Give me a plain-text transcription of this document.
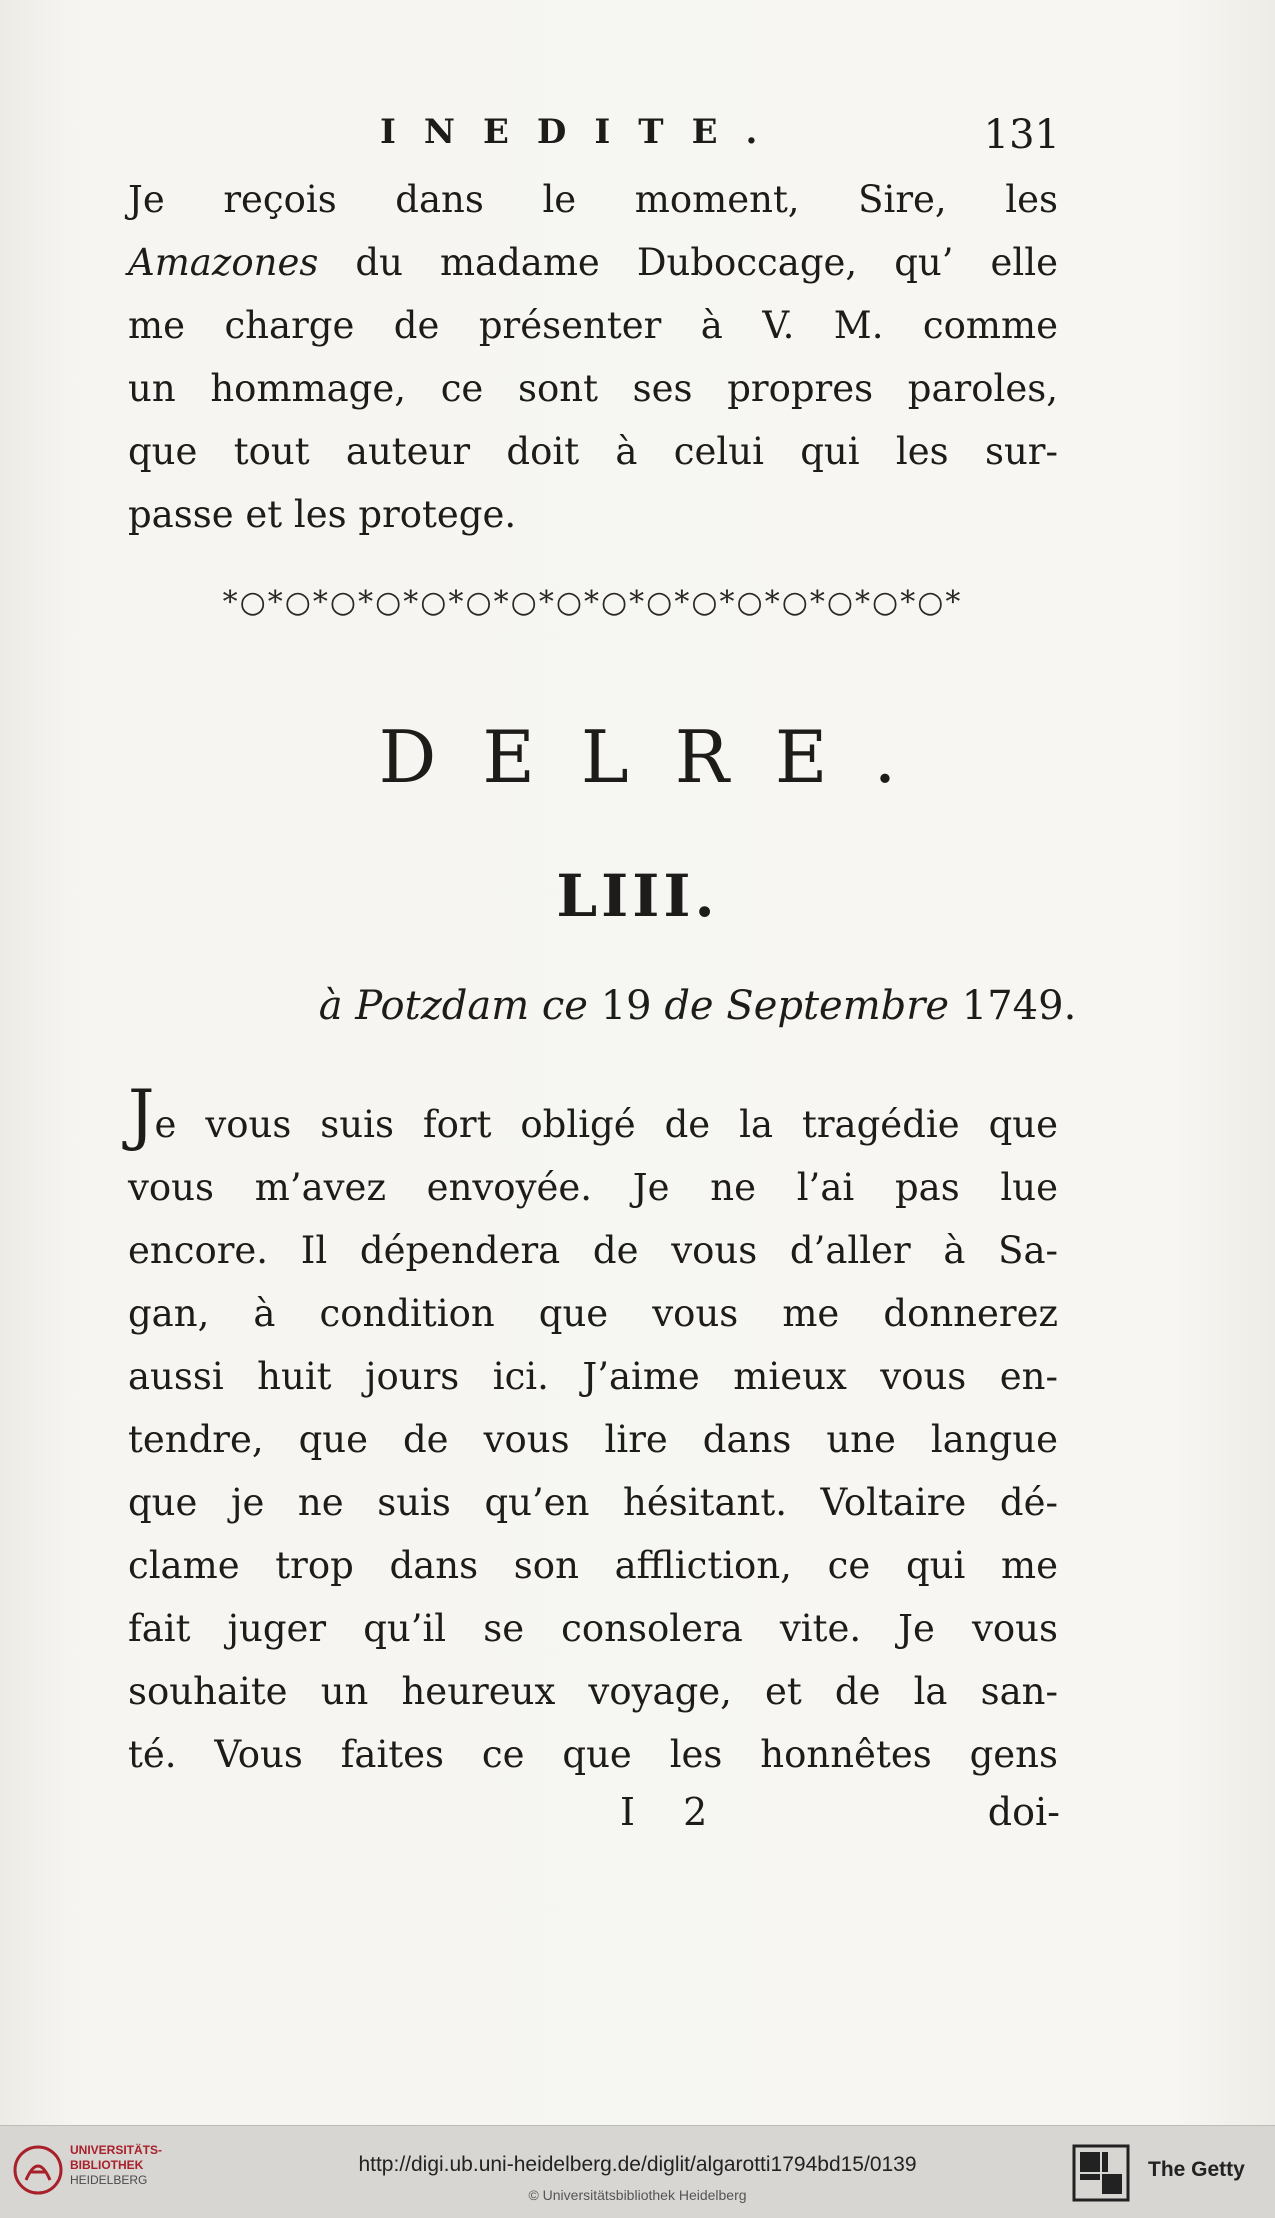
INEDITE.	131
Je reçois dans le moment, Sire, les
Amazones du madame Duboccage, qu’ elle
me charge de présenter à V. M. comme
un hommage, ce sont ses propres paroles,
que tout auteur doit à celui qui les sur-
passe et les protege.
*○*○*○*○*○*○*○*○*○*○*○*○*○*○*○*○*
DELRE.
LIII.
à Potzdam ce 19 de Septembre 1749.
Je vous suis fort obligé de la tragédie que
vous m’avez envoyée. Je ne l’ai pas lue
encore. Il dépendera de vous d’aller à Sa-
gan, à condition que vous me donnerez
aussi huit jours ici. J’aime mieux vous en-
tendre, que de vous lire dans une langue
que je ne suis qu’en hésitant. Voltaire dé-
clame trop dans son affliction, ce qui me
fait juger qu’il se consolera vite. Je vous
souhaite un heureux voyage, et de la san-
té. Vous faites ce que les honnêtes gens
I 2	doi-
UNIVERSITÄTS-
BIBLIOTHEK
HEIDELBERG
http://digi.ub.uni-heidelberg.de/diglit/algarotti1794bd15/0139
© Universitätsbibliothek Heidelberg
The Getty
